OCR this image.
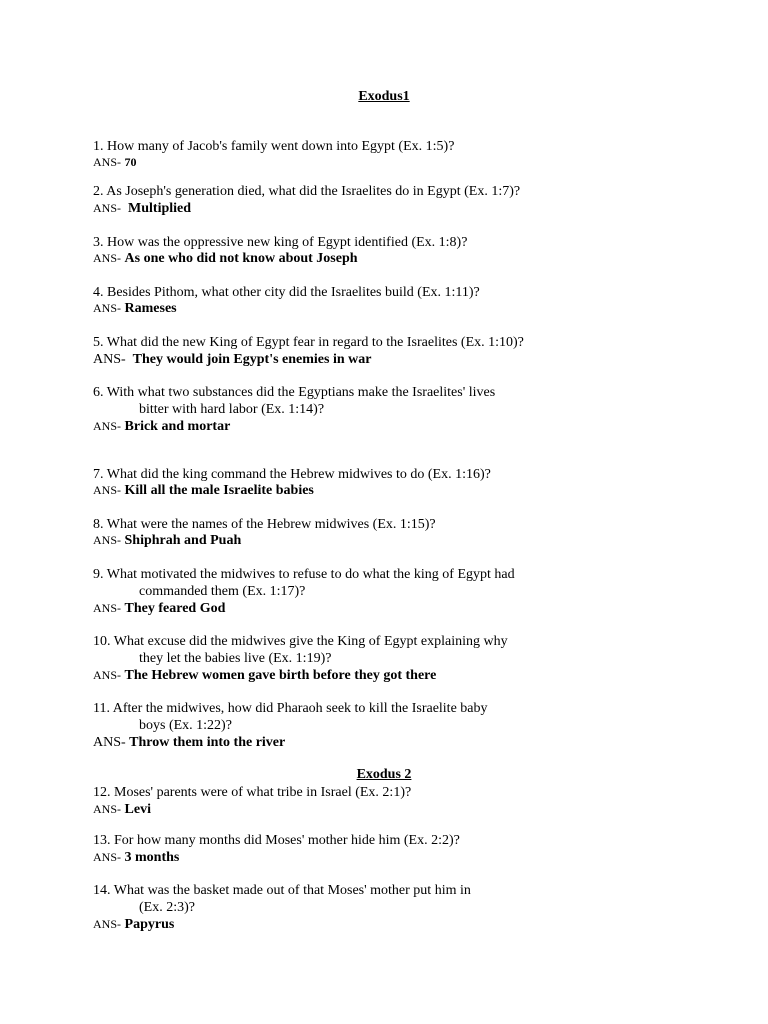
Exodus1
1. How many of Jacob's family went down into Egypt (Ex. 1:5)?
ANS- 70
2. As Joseph's generation died, what did the Israelites do in Egypt (Ex. 1:7)?
ANS- Multiplied
3. How was the oppressive new king of Egypt identified (Ex. 1:8)?
ANS- As one who did not know about Joseph
4. Besides Pithom, what other city did the Israelites build (Ex. 1:11)?
ANS- Rameses
5. What did the new King of Egypt fear in regard to the Israelites (Ex. 1:10)?
ANS- They would join Egypt's enemies in war
6. With what two substances did the Egyptians make the Israelites' lives
bitter with hard labor (Ex. 1:14)?
ANS- Brick and mortar
7. What did the king command the Hebrew midwives to do (Ex. 1:16)?
ANS- Kill all the male Israelite babies
8. What were the names of the Hebrew midwives (Ex. 1:15)?
ANS- Shiphrah and Puah
9. What motivated the midwives to refuse to do what the king of Egypt had
commanded them (Ex. 1:17)?
ANS- They feared God
10. What excuse did the midwives give the King of Egypt explaining why
they let the babies live (Ex. 1:19)?
ANS- The Hebrew women gave birth before they got there
11. After the midwives, how did Pharaoh seek to kill the Israelite baby
boys (Ex. 1:22)?
ANS- Throw them into the river
Exodus 2
12. Moses' parents were of what tribe in Israel (Ex. 2:1)?
ANS- Levi
13. For how many months did Moses' mother hide him (Ex. 2:2)?
ANS- 3 months
14. What was the basket made out of that Moses' mother put him in
(Ex. 2:3)?
ANS- Papyrus
